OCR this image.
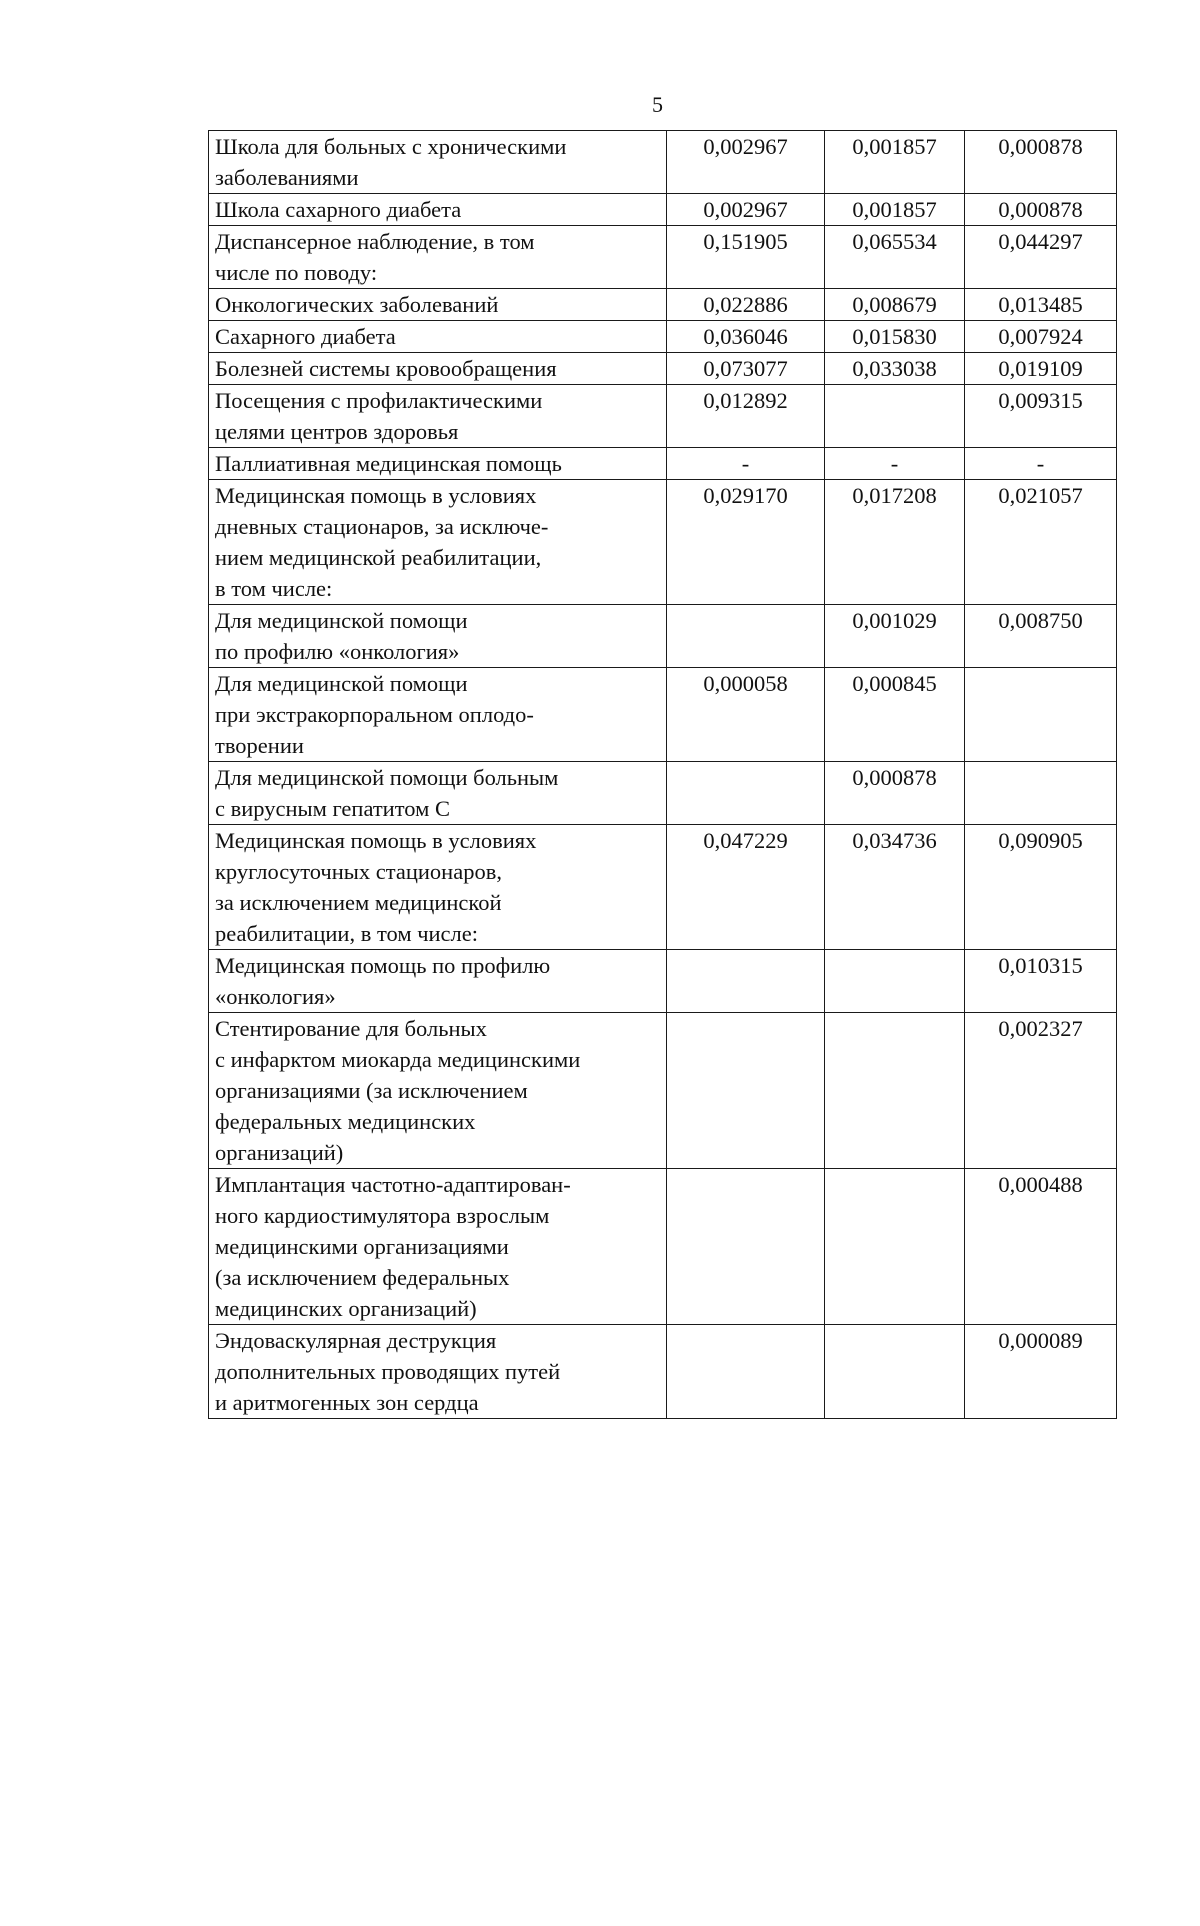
5
Школа для больных с хроническими
заболеваниями	0,002967	0,001857	0,000878
Школа сахарного диабета	0,002967	0,001857	0,000878
Диспансерное наблюдение, в том
числе по поводу:	0,151905	0,065534	0,044297
Онкологических заболеваний	0,022886	0,008679	0,013485
Сахарного диабета	0,036046	0,015830	0,007924
Болезней системы кровообращения	0,073077	0,033038	0,019109
Посещения с профилактическими
целями центров здоровья	0,012892		0,009315
Паллиативная медицинская помощь	-	-	-
Медицинская помощь в условиях
дневных стационаров, за исключе-
нием медицинской реабилитации,
в том числе:	0,029170	0,017208	0,021057
Для медицинской помощи
по профилю «онкология»		0,001029	0,008750
Для медицинской помощи
при экстракорпоральном оплодо-
творении	0,000058	0,000845	
Для медицинской помощи больным
с вирусным гепатитом С		0,000878	
Медицинская помощь в условиях
круглосуточных стационаров,
за исключением медицинской
реабилитации, в том числе:	0,047229	0,034736	0,090905
Медицинская помощь по профилю
«онкология»			0,010315
Стентирование для больных
с инфарктом миокарда медицинскими
организациями (за исключением
федеральных медицинских
организаций)			0,002327
Имплантация частотно-адаптирован-
ного кардиостимулятора взрослым
медицинскими организациями
(за исключением федеральных
медицинских организаций)			0,000488
Эндоваскулярная деструкция
дополнительных проводящих путей
и аритмогенных зон сердца			0,000089
